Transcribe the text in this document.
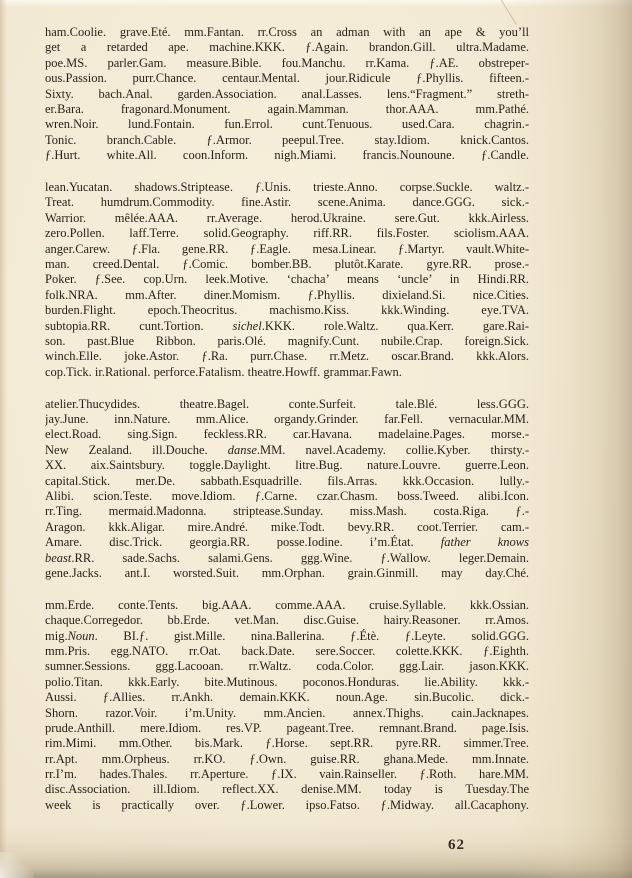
ham.Coolie. grave.Eté. mm.Fantan. rr.Cross an adman with an ape & you’ll
get a retarded ape. machine.KKK. ƒ.Again. brandon.Gill. ultra.Madame.
poe.MS. parler.Gam. measure.Bible. fou.Manchu. rr.Kama. ƒ.AE. obstreper-
ous.Passion. purr.Chance. centaur.Mental. jour.Ridicule ƒ.Phyllis. fifteen.-
Sixty. bach.Anal. garden.Association. anal.Lasses. lens.“Fragment.” streth-
er.Bara. fragonard.Monument. again.Mamman. thor.AAA. mm.Pathé.
wren.Noir. lund.Fontain. fun.Errol. cunt.Tenuous. used.Cara. chagrin.-
Tonic. branch.Cable. ƒ.Armor. peepul.Tree. stay.Idiom. knick.Cantos.
ƒ.Hurt. white.All. coon.Inform. nigh.Miami. francis.Nounoune. ƒ.Candle.
lean.Yucatan. shadows.Striptease. ƒ.Unis. trieste.Anno. corpse.Suckle. waltz.-
Treat. humdrum.Commodity. fine.Astir. scene.Anima. dance.GGG. sick.-
Warrior. mêlée.AAA. rr.Average. herod.Ukraine. sere.Gut. kkk.Airless.
zero.Pollen. laff.Terre. solid.Geography. riff.RR. fils.Foster. sciolism.AAA.
anger.Carew. ƒ.Fla. gene.RR. ƒ.Eagle. mesa.Linear. ƒ.Martyr. vault.White-
man. creed.Dental. ƒ.Comic. bomber.BB. plutôt.Karate. gyre.RR. prose.-
Poker. ƒ.See. cop.Urn. leek.Motive. ‘chacha’ means ‘uncle’ in Hindi.RR.
folk.NRA. mm.After. diner.Momism. ƒ.Phyllis. dixieland.Si. nice.Cities.
burden.Flight. epoch.Theocritus. machismo.Kiss. kkk.Winding. eye.TVA.
subtopia.RR. cunt.Tortion. sichel.KKK. role.Waltz. qua.Kerr. gare.Rai-
son. past.Blue Ribbon. paris.Olé. magnify.Cunt. nubile.Crap. foreign.Sick.
winch.Elle. joke.Astor. ƒ.Ra. purr.Chase. rr.Metz. oscar.Brand. kkk.Alors.
cop.Tick. ir.Rational. perforce.Fatalism. theatre.Howff. grammar.Fawn.
atelier.Thucydides. theatre.Bagel. conte.Surfeit. tale.Blé. less.GGG.
jay.June. inn.Nature. mm.Alice. organdy.Grinder. far.Fell. vernacular.MM.
elect.Road. sing.Sign. feckless.RR. car.Havana. madelaine.Pages. morse.-
New Zealand. ill.Douche. danse.MM. navel.Academy. collie.Kyber. thirsty.-
XX. aix.Saintsbury. toggle.Daylight. litre.Bug. nature.Louvre. guerre.Leon.
capital.Stick. mer.De. sabbath.Esquadrille. fils.Arras. kkk.Occasion. lully.-
Alibi. scion.Teste. move.Idiom. ƒ.Carne. czar.Chasm. boss.Tweed. alibi.Icon.
rr.Ting. mermaid.Madonna. striptease.Sunday. miss.Mash. costa.Riga. ƒ.-
Aragon. kkk.Aligar. mire.André. mike.Todt. bevy.RR. coot.Terrier. cam.-
Amare. disc.Trick. georgia.RR. posse.Iodine. i’m.État. father knows
beast.RR. sade.Sachs. salami.Gens. ggg.Wine. ƒ.Wallow. leger.Demain.
gene.Jacks. ant.I. worsted.Suit. mm.Orphan. grain.Ginmill. may day.Ché.
mm.Erde. conte.Tents. big.AAA. comme.AAA. cruise.Syllable. kkk.Ossian.
chaque.Corregedor. bb.Erde. vet.Man. disc.Guise. hairy.Reasoner. rr.Amos.
mig.Noun. BI.ƒ. gist.Mille. nina.Ballerina. ƒ.Étè. ƒ.Leyte. solid.GGG.
mm.Pris. egg.NATO. rr.Oat. back.Date. sere.Soccer. colette.KKK. ƒ.Eighth.
sumner.Sessions. ggg.Lacooan. rr.Waltz. coda.Color. ggg.Lair. jason.KKK.
polio.Titan. kkk.Early. bite.Mutinous. poconos.Honduras. lie.Ability. kkk.-
Aussi. ƒ.Allies. rr.Ankh. demain.KKK. noun.Age. sin.Bucolic. dick.-
Shorn. razor.Voir. i’m.Unity. mm.Ancien. annex.Thighs. cain.Jacknapes.
prude.Anthill. mere.Idiom. res.VP. pageant.Tree. remnant.Brand. page.Isis.
rim.Mimi. mm.Other. bis.Mark. ƒ.Horse. sept.RR. pyre.RR. simmer.Tree.
rr.Apt. mm.Orpheus. rr.KO. ƒ.Own. guise.RR. ghana.Mede. mm.Innate.
rr.I’m. hades.Thales. rr.Aperture. ƒ.IX. vain.Rainseller. ƒ.Roth. hare.MM.
disc.Association. ill.Idiom. reflect.XX. denise.MM. today is Tuesday.The
week is practically over. ƒ.Lower. ipso.Fatso. ƒ.Midway. all.Cacaphony.
62
